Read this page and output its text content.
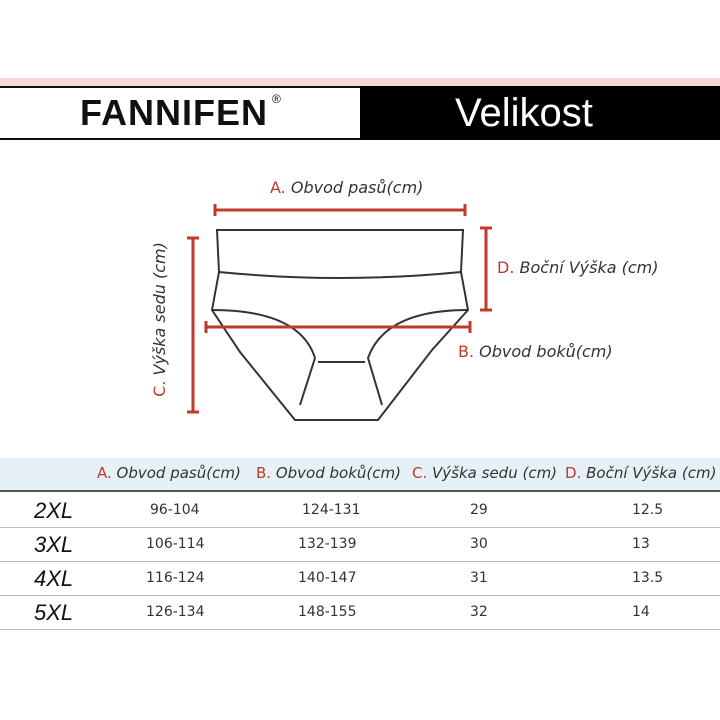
FANNIFEN ®	Velikost
A. Obvod pasů(cm)
D. Boční Výška (cm)
B. Obvod boků(cm)
C. Výška sedu (cm)
A. Obvod pasů(cm) B. Obvod boků(cm) C. Výška sedu (cm) D. Boční Výška (cm)
2XL	96-104	124-131	29	12.5
3XL	106-114	132-139	30	13
4XL	116-124	140-147	31	13.5
5XL	126-134	148-155	32	14
